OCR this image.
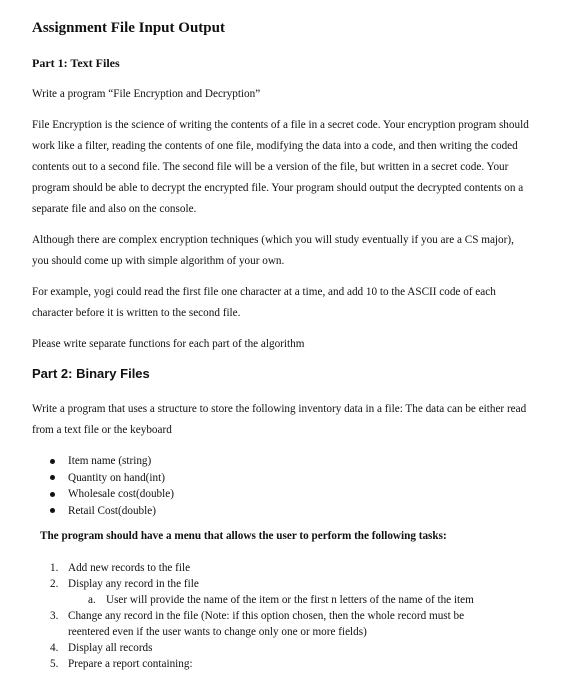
Assignment File Input Output
Part 1: Text Files
Write a program “File Encryption and Decryption”
File Encryption is the science of writing the contents of a file in a secret code. Your encryption program should work like a filter, reading the contents of one file, modifying the data into a code, and then writing the coded contents out to a second file. The second file will be a version of the file, but written in a secret code. Your program should be able to decrypt the encrypted file. Your program should output the decrypted contents on a separate file and also on the console.
Although there are complex encryption techniques (which you will study eventually if you are a CS major), you should come up with simple algorithm of your own.
For example, yogi could read the first file one character at a time, and add 10 to the ASCII code of each character before it is written to the second file.
Please write separate functions for each part of the algorithm
Part 2: Binary Files
Write a program that uses a structure to store the following inventory data in a file: The data can be either read from a text file or the keyboard
Item name (string)
Quantity on hand(int)
Wholesale cost(double)
Retail Cost(double)
The program should have a menu that allows the user to perform the following tasks:
1. Add new records to the file
2. Display any record in the file
a. User will provide the name of the item or the first n letters of the name of the item
3. Change any record in the file (Note: if this option chosen, then the whole record must be
reentered even if the user wants to change only one or more fields)
4. Display all records
5. Prepare a report containing:
